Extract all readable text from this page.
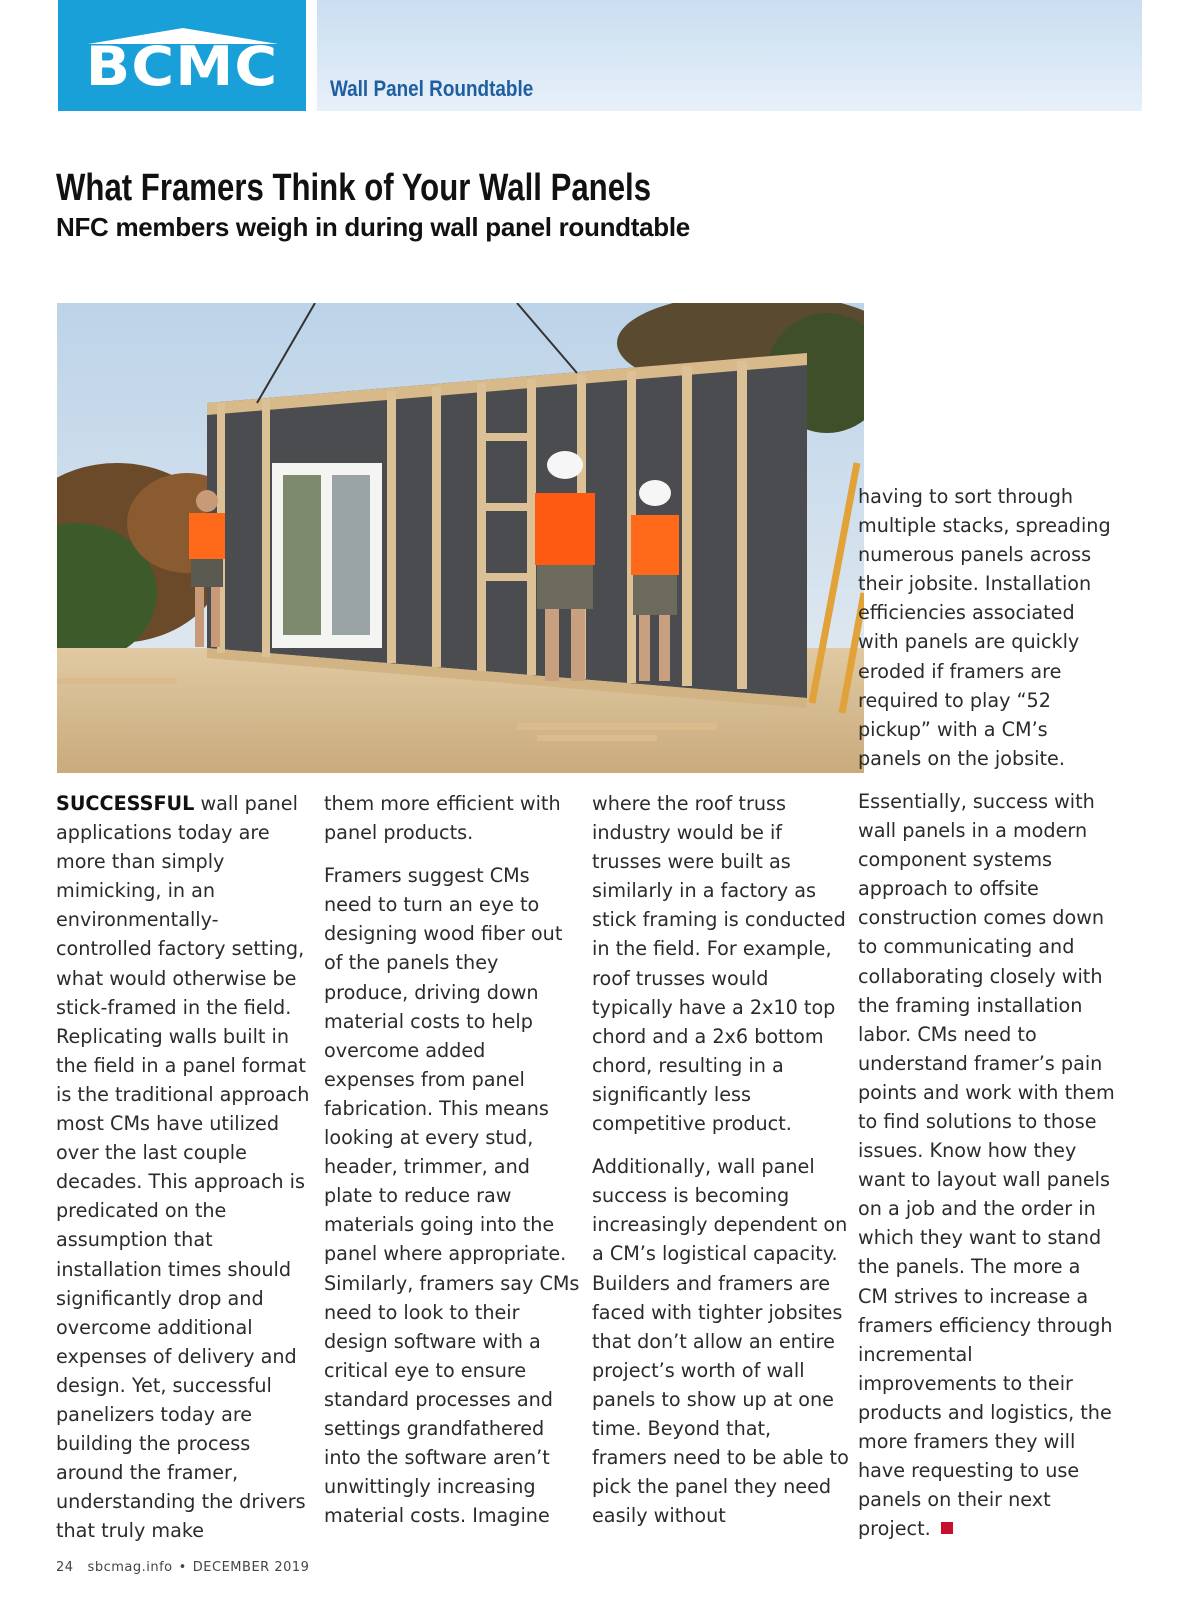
BCMC	Wall Panel Roundtable
What Framers Think of Your Wall Panels
NFC members weigh in during wall panel roundtable

SUCCESSFUL wall panel applications today are more than simply mimicking, in an environmentally-controlled factory setting, what would otherwise be stick-framed in the field. Replicating walls built in the field in a panel format is the traditional approach most CMs have utilized over the last couple decades. This approach is predicated on the assumption that installation times should significantly drop and overcome additional expenses of delivery and design. Yet, successful panelizers today are building the process around the framer, understanding the drivers that truly make

them more efficient with panel products.

Framers suggest CMs need to turn an eye to designing wood fiber out of the panels they produce, driving down material costs to help overcome added expenses from panel fabrication. This means looking at every stud, header, trimmer, and plate to reduce raw materials going into the panel where appropriate. Similarly, framers say CMs need to look to their design software with a critical eye to ensure standard processes and settings grandfathered into the software aren’t unwittingly increasing material costs. Imagine

where the roof truss industry would be if trusses were built as similarly in a factory as stick framing is conducted in the field. For example, roof trusses would typically have a 2x10 top chord and a 2x6 bottom chord, resulting in a significantly less competitive product.

Additionally, wall panel success is becoming increasingly dependent on a CM’s logistical capacity. Builders and framers are faced with tighter jobsites that don’t allow an entire project’s worth of wall panels to show up at one time. Beyond that, framers need to be able to pick the panel they need easily without

having to sort through multiple stacks, spreading numerous panels across their jobsite. Installation efficiencies associated with panels are quickly eroded if framers are required to play “52 pickup” with a CM’s panels on the jobsite.

Essentially, success with wall panels in a modern component systems approach to offsite construction comes down to communicating and collaborating closely with the framing installation labor. CMs need to understand framer’s pain points and work with them to find solutions to those issues. Know how they want to layout wall panels on a job and the order in which they want to stand the panels. The more a CM strives to increase a framers efficiency through incremental improvements to their products and logistics, the more framers they will have requesting to use panels on their next project.

24 sbcmag.info • DECEMBER 2019
